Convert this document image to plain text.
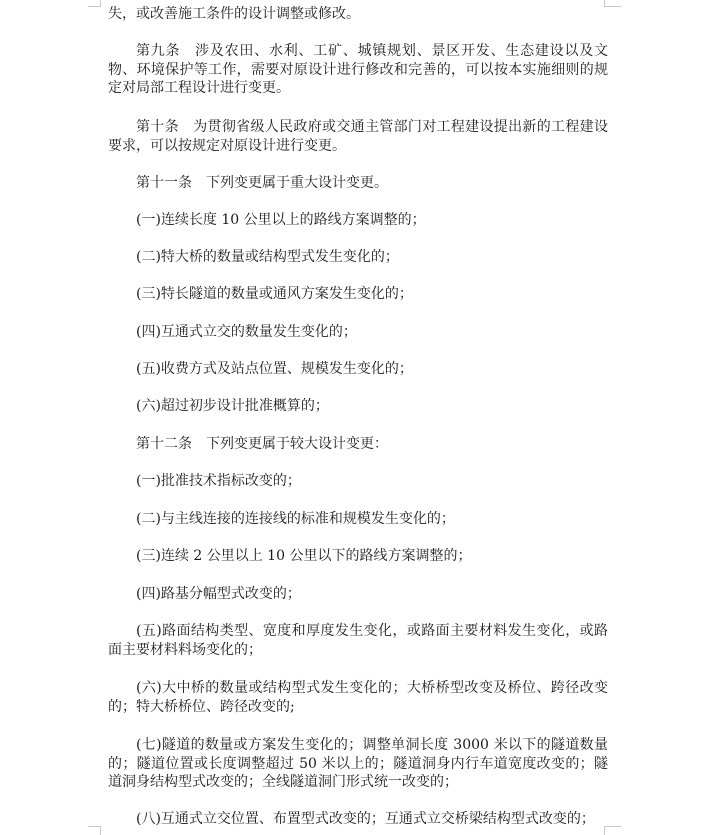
失，或改善施工条件的设计调整或修改。

第九条　涉及农田、水利、工矿、城镇规划、景区开发、生态建设以及文物、环境保护等工作，需要对原设计进行修改和完善的，可以按本实施细则的规定对局部工程设计进行变更。

第十条　为贯彻省级人民政府或交通主管部门对工程建设提出新的工程建设要求，可以按规定对原设计进行变更。

第十一条　下列变更属于重大设计变更。

(一)连续长度 10 公里以上的路线方案调整的；

(二)特大桥的数量或结构型式发生变化的；

(三)特长隧道的数量或通风方案发生变化的；

(四)互通式立交的数量发生变化的；

(五)收费方式及站点位置、规模发生变化的；

(六)超过初步设计批准概算的；

第十二条　下列变更属于较大设计变更：

(一)批准技术指标改变的；

(二)与主线连接的连接线的标准和规模发生变化的；

(三)连续 2 公里以上 10 公里以下的路线方案调整的；

(四)路基分幅型式改变的；

(五)路面结构类型、宽度和厚度发生变化，或路面主要材料发生变化，或路面主要材料料场变化的；

(六)大中桥的数量或结构型式发生变化的；大桥桥型改变及桥位、跨径改变的；特大桥桥位、跨径改变的;

(七)隧道的数量或方案发生变化的；调整单洞长度 3000 米以下的隧道数量的；隧道位置或长度调整超过 50 米以上的；隧道洞身内行车道宽度改变的；隧道洞身结构型式改变的；全线隧道洞门形式统一改变的；

(八)互通式立交位置、布置型式改变的；互通式立交桥梁结构型式改变的；
